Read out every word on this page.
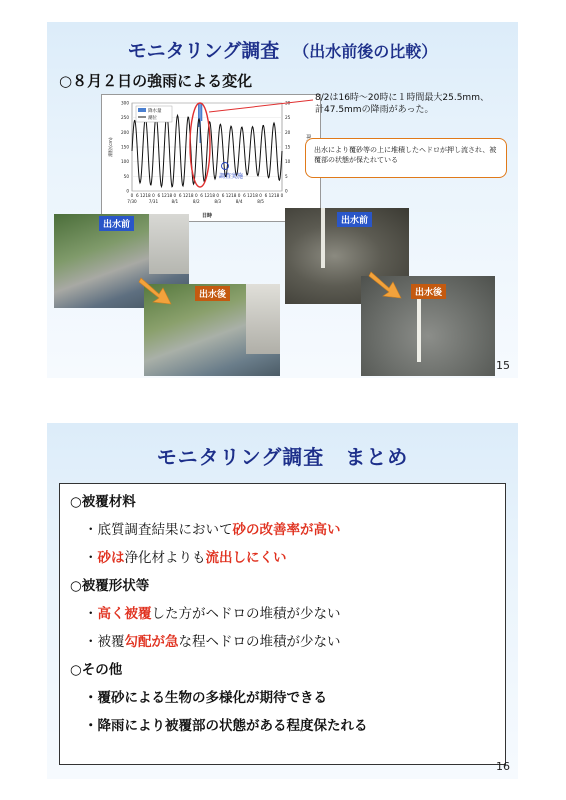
モニタリング調査 （出水前後の比較）
○８月２日の強雨による変化
300
250
200
150
100
50
0
25
20
15
10
5
0
0 6 12 18 0 6 12 18 0 6 12 18 0 6 12 18 0 6 12 18 0 6 12 18 0 6 12 18 0
7/30	7/31	8/1	8/2	8/3	8/4	8/5
降水量
潮位
調査実施
日時
潮位(cm)
8/2は16時〜20時に１時間最大25.5mm、
計47.5mmの降雨があった。
出水により覆砂等の上に堆積したヘドロが押し流され、被覆部の状態が保たれている
出水前
出水後
出水前
出水後
15
モニタリング調査　まとめ
○被覆材料
・底質調査結果において砂の改善率が高い
・砂は浄化材よりも流出しにくい
○被覆形状等
・高く被覆した方がヘドロの堆積が少ない
・被覆勾配が急な程ヘドロの堆積が少ない
○その他
・覆砂による生物の多様化が期待できる
・降雨により被覆部の状態がある程度保たれる
16
